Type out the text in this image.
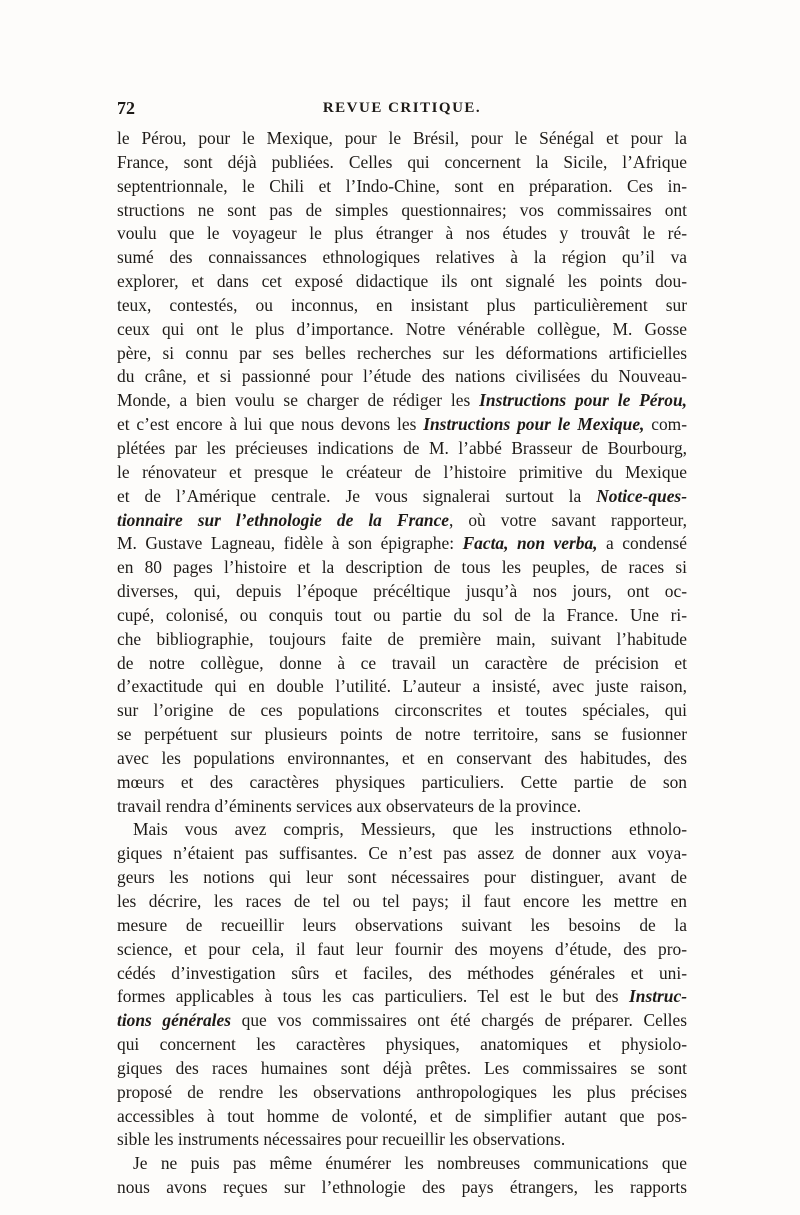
72	REVUE CRITIQUE.
le Pérou, pour le Mexique, pour le Brésil, pour le Sénégal et pour la
France, sont déjà publiées. Celles qui concernent la Sicile, l’Afrique
septentrionnale, le Chili et l’Indo-Chine, sont en préparation. Ces in-
structions ne sont pas de simples questionnaires; vos commissaires ont
voulu que le voyageur le plus étranger à nos études y trouvât le ré-
sumé des connaissances ethnologiques relatives à la région qu’il va
explorer, et dans cet exposé didactique ils ont signalé les points dou-
teux, contestés, ou inconnus, en insistant plus particulièrement sur
ceux qui ont le plus d’importance. Notre vénérable collègue, M. Gosse
père, si connu par ses belles recherches sur les déformations artificielles
du crâne, et si passionné pour l’étude des nations civilisées du Nouveau-
Monde, a bien voulu se charger de rédiger les Instructions pour le Pérou,
et c’est encore à lui que nous devons les Instructions pour le Mexique, com-
plétées par les précieuses indications de M. l’abbé Brasseur de Bourbourg,
le rénovateur et presque le créateur de l’histoire primitive du Mexique
et de l’Amérique centrale. Je vous signalerai surtout la Notice-ques-
tionnaire sur l’ethnologie de la France, où votre savant rapporteur,
M. Gustave Lagneau, fidèle à son épigraphe: Facta, non verba, a condensé
en 80 pages l’histoire et la description de tous les peuples, de races si
diverses, qui, depuis l’époque précéltique jusqu’à nos jours, ont oc-
cupé, colonisé, ou conquis tout ou partie du sol de la France. Une ri-
che bibliographie, toujours faite de première main, suivant l’habitude
de notre collègue, donne à ce travail un caractère de précision et
d’exactitude qui en double l’utilité. L’auteur a insisté, avec juste raison,
sur l’origine de ces populations circonscrites et toutes spéciales, qui
se perpétuent sur plusieurs points de notre territoire, sans se fusionner
avec les populations environnantes, et en conservant des habitudes, des
mœurs et des caractères physiques particuliers. Cette partie de son
travail rendra d’éminents services aux observateurs de la province.
Mais vous avez compris, Messieurs, que les instructions ethnolo-
giques n’étaient pas suffisantes. Ce n’est pas assez de donner aux voya-
geurs les notions qui leur sont nécessaires pour distinguer, avant de
les décrire, les races de tel ou tel pays; il faut encore les mettre en
mesure de recueillir leurs observations suivant les besoins de la
science, et pour cela, il faut leur fournir des moyens d’étude, des pro-
cédés d’investigation sûrs et faciles, des méthodes générales et uni-
formes applicables à tous les cas particuliers. Tel est le but des Instruc-
tions générales que vos commissaires ont été chargés de préparer. Celles
qui concernent les caractères physiques, anatomiques et physiolo-
giques des races humaines sont déjà prêtes. Les commissaires se sont
proposé de rendre les observations anthropologiques les plus précises
accessibles à tout homme de volonté, et de simplifier autant que pos-
sible les instruments nécessaires pour recueillir les observations.
Je ne puis pas même énumérer les nombreuses communications que
nous avons reçues sur l’ethnologie des pays étrangers, les rapports
